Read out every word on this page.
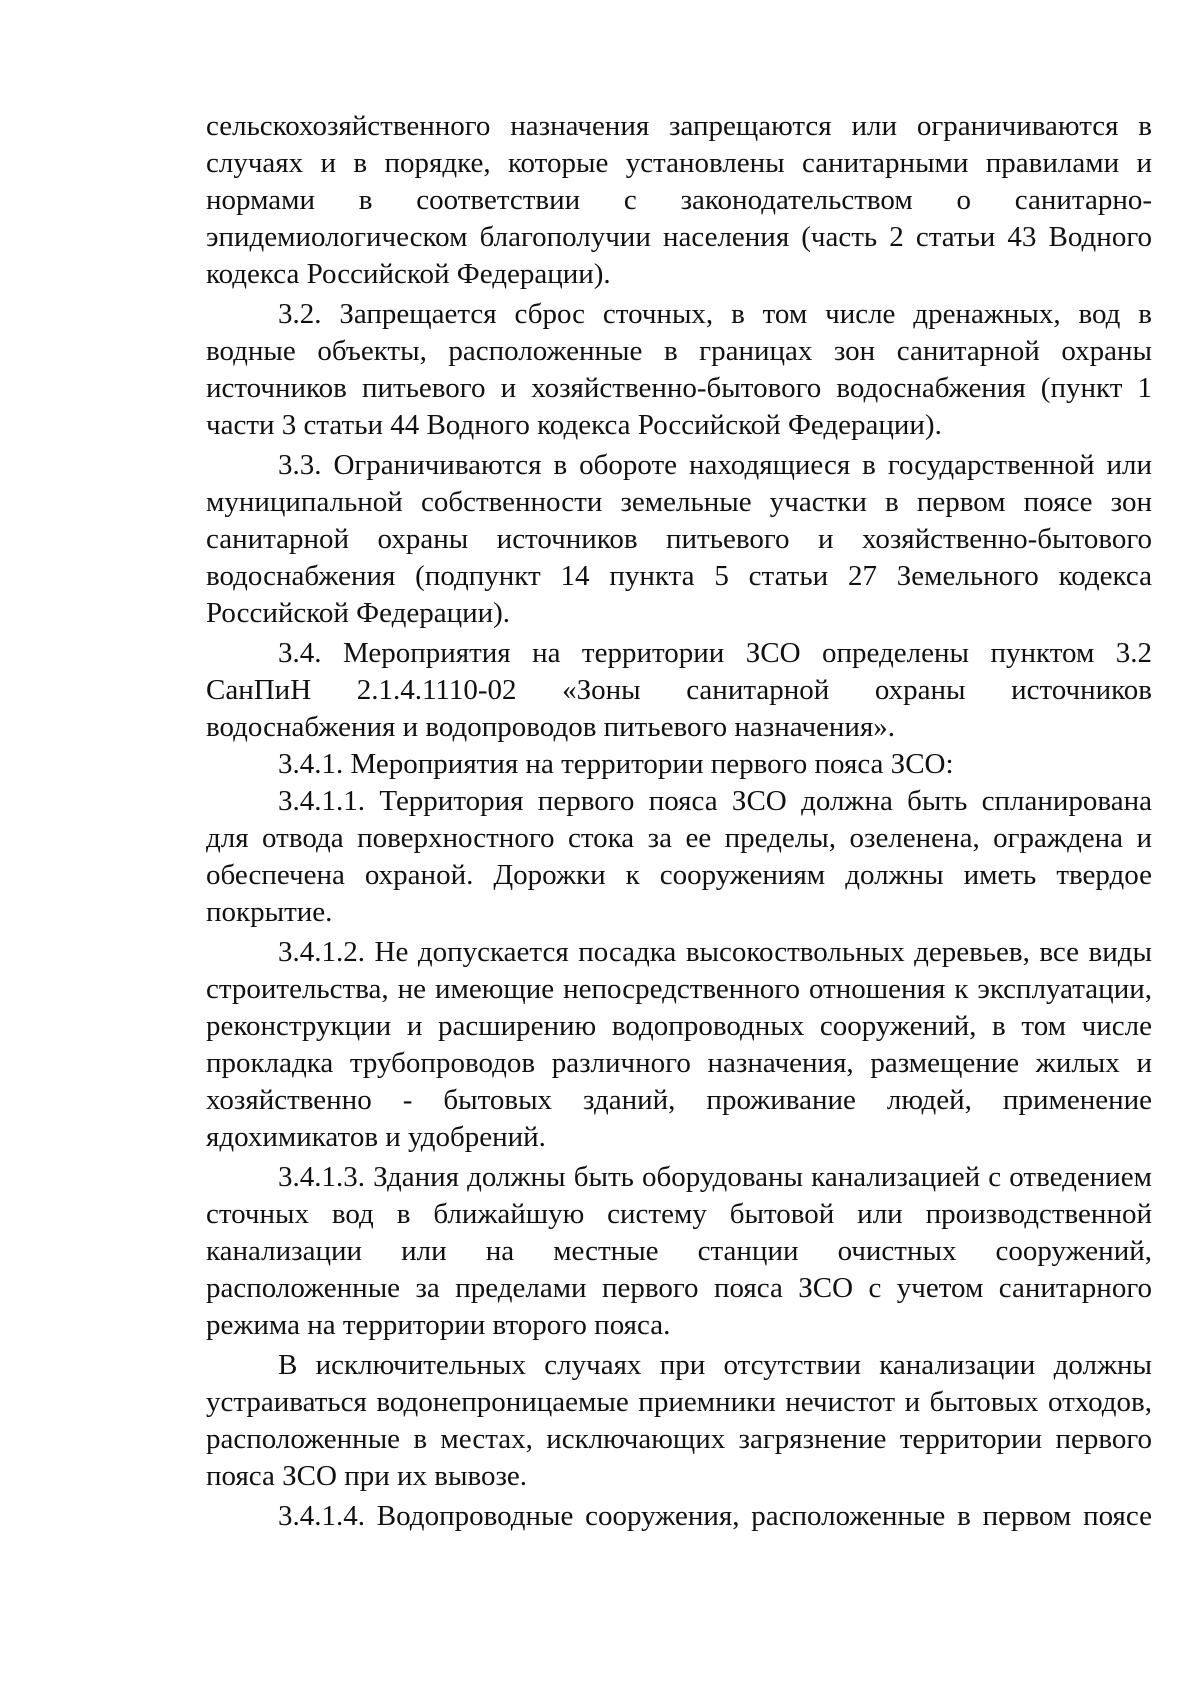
сельскохозяйственного назначения запрещаются или ограничиваются в случаях и в порядке, которые установлены санитарными правилами и нормами в соответствии с законодательством о санитарно-эпидемиологическом благополучии населения (часть 2 статьи 43 Водного кодекса Российской Федерации).

3.2. Запрещается сброс сточных, в том числе дренажных, вод в водные объекты, расположенные в границах зон санитарной охраны источников питьевого и хозяйственно-бытового водоснабжения (пункт 1 части 3 статьи 44 Водного кодекса Российской Федерации).

3.3. Ограничиваются в обороте находящиеся в государственной или муниципальной собственности земельные участки в первом поясе зон санитарной охраны источников питьевого и хозяйственно-бытового водоснабжения (подпункт 14 пункта 5 статьи 27 Земельного кодекса Российской Федерации).

3.4. Мероприятия на территории ЗСО определены пунктом 3.2 СанПиН 2.1.4.1110-02 «Зоны санитарной охраны источников водоснабжения и водопроводов питьевого назначения».

3.4.1. Мероприятия на территории первого пояса ЗСО:

3.4.1.1. Территория первого пояса ЗСО должна быть спланирована для отвода поверхностного стока за ее пределы, озеленена, ограждена и обеспечена охраной. Дорожки к сооружениям должны иметь твердое покрытие.

3.4.1.2. Не допускается посадка высокоствольных деревьев, все виды строительства, не имеющие непосредственного отношения к эксплуатации, реконструкции и расширению водопроводных сооружений, в том числе прокладка трубопроводов различного назначения, размещение жилых и хозяйственно - бытовых зданий, проживание людей, применение ядохимикатов и удобрений.

3.4.1.3. Здания должны быть оборудованы канализацией с отведением сточных вод в ближайшую систему бытовой или производственной канализации или на местные станции очистных сооружений, расположенные за пределами первого пояса ЗСО с учетом санитарного режима на территории второго пояса.

В исключительных случаях при отсутствии канализации должны устраиваться водонепроницаемые приемники нечистот и бытовых отходов, расположенные в местах, исключающих загрязнение территории первого пояса ЗСО при их вывозе.

3.4.1.4. Водопроводные сооружения, расположенные в первом поясе
